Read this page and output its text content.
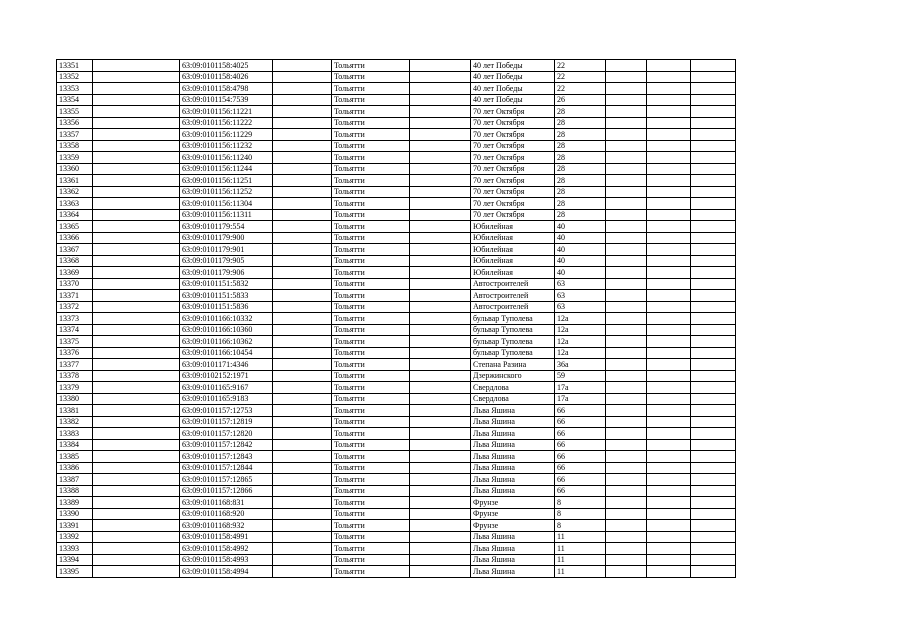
13351		63:09:0101158:4025		Тольятти		40 лет Победы	22			
13352		63:09:0101158:4026		Тольятти		40 лет Победы	22			
13353		63:09:0101158:4798		Тольятти		40 лет Победы	22			
13354		63:09:0101154:7539		Тольятти		40 лет Победы	26			
13355		63:09:0101156:11221		Тольятти		70 лет Октября	28			
13356		63:09:0101156:11222		Тольятти		70 лет Октября	28			
13357		63:09:0101156:11229		Тольятти		70 лет Октября	28			
13358		63:09:0101156:11232		Тольятти		70 лет Октября	28			
13359		63:09:0101156:11240		Тольятти		70 лет Октября	28			
13360		63:09:0101156:11244		Тольятти		70 лет Октября	28			
13361		63:09:0101156:11251		Тольятти		70 лет Октября	28			
13362		63:09:0101156:11252		Тольятти		70 лет Октября	28			
13363		63:09:0101156:11304		Тольятти		70 лет Октября	28			
13364		63:09:0101156:11311		Тольятти		70 лет Октября	28			
13365		63:09:0101179:554		Тольятти		Юбилейная	40			
13366		63:09:0101179:900		Тольятти		Юбилейная	40			
13367		63:09:0101179:901		Тольятти		Юбилейная	40			
13368		63:09:0101179:905		Тольятти		Юбилейная	40			
13369		63:09:0101179:906		Тольятти		Юбилейная	40			
13370		63:09:0101151:5832		Тольятти		Автостроителей	63			
13371		63:09:0101151:5833		Тольятти		Автостроителей	63			
13372		63:09:0101151:5836		Тольятти		Автостроителей	63			
13373		63:09:0101166:10332		Тольятти		бульвар Туполева	12а			
13374		63:09:0101166:10360		Тольятти		бульвар Туполева	12а			
13375		63:09:0101166:10362		Тольятти		бульвар Туполева	12а			
13376		63:09:0101166:10454		Тольятти		бульвар Туполева	12а			
13377		63:09:0101171:4346		Тольятти		Степана Разина	36а			
13378		63:09:0102152:1971		Тольятти		Дзержинского	59			
13379		63:09:0101165:9167		Тольятти		Свердлова	17а			
13380		63:09:0101165:9183		Тольятти		Свердлова	17а			
13381		63:09:0101157:12753		Тольятти		Льва Яшина	66			
13382		63:09:0101157:12819		Тольятти		Льва Яшина	66			
13383		63:09:0101157:12820		Тольятти		Льва Яшина	66			
13384		63:09:0101157:12842		Тольятти		Льва Яшина	66			
13385		63:09:0101157:12843		Тольятти		Льва Яшина	66			
13386		63:09:0101157:12844		Тольятти		Льва Яшина	66			
13387		63:09:0101157:12865		Тольятти		Льва Яшина	66			
13388		63:09:0101157:12866		Тольятти		Льва Яшина	66			
13389		63:09:0101168:831		Тольятти		Фрунзе	8			
13390		63:09:0101168:920		Тольятти		Фрунзе	8			
13391		63:09:0101168:932		Тольятти		Фрунзе	8			
13392		63:09:0101158:4991		Тольятти		Льва Яшина	11			
13393		63:09:0101158:4992		Тольятти		Льва Яшина	11			
13394		63:09:0101158:4993		Тольятти		Льва Яшина	11			
13395		63:09:0101158:4994		Тольятти		Льва Яшина	11			
